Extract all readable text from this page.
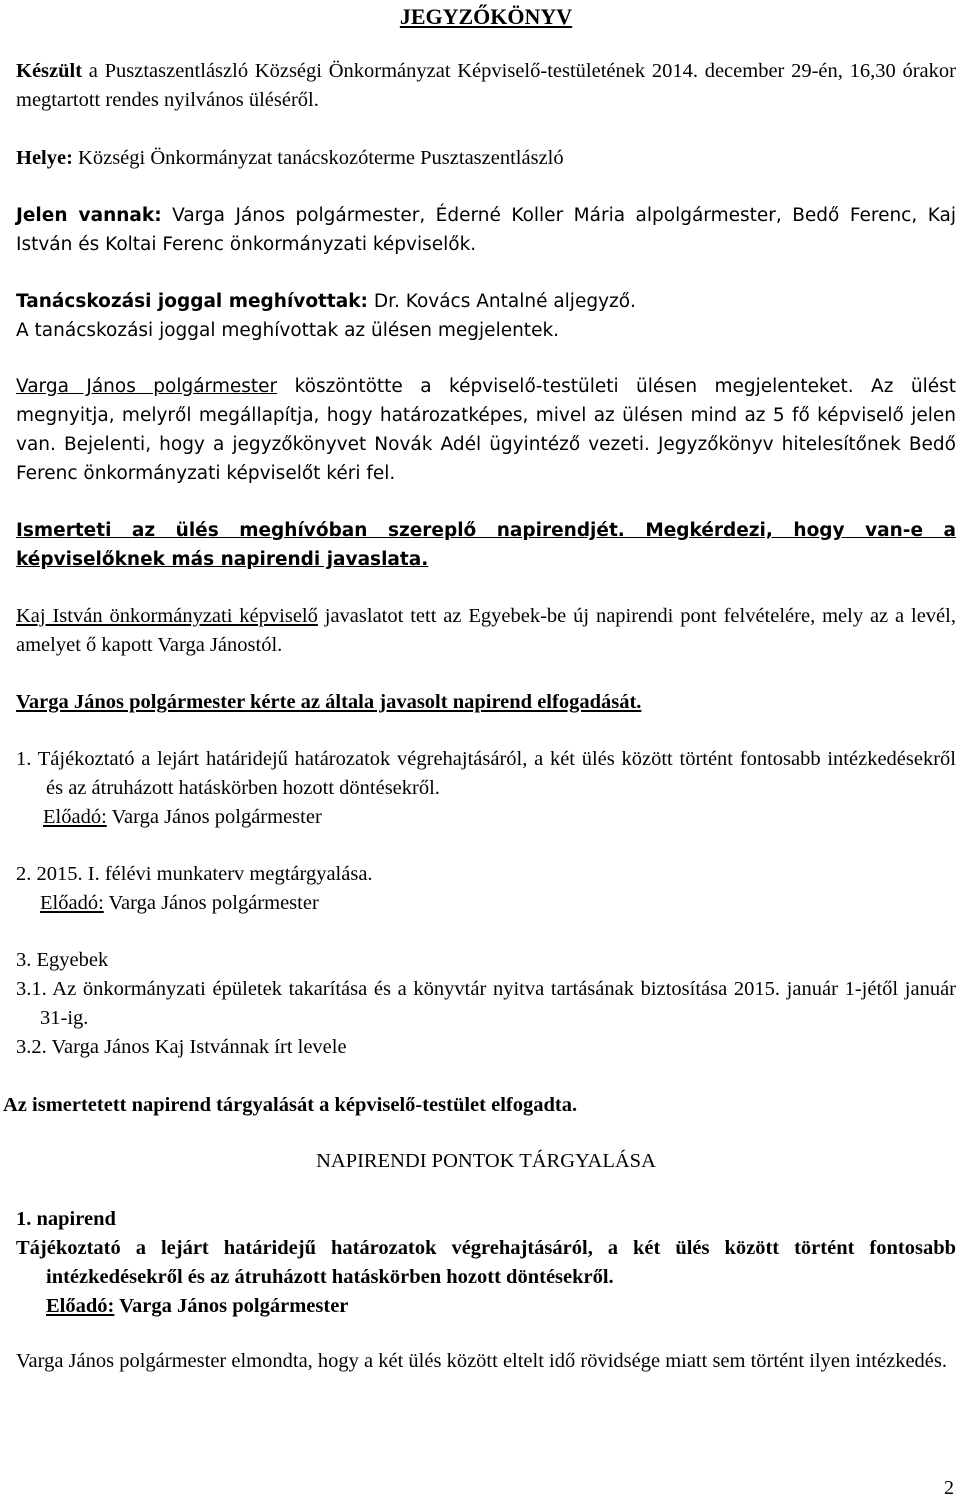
JEGYZŐKÖNYV
Készült a Pusztaszentlászló Községi Önkormányzat Képviselő-testületének 2014. december 29-én, 16,30 órakor megtartott rendes nyilvános üléséről.
Helye: Községi Önkormányzat tanácskozóterme Pusztaszentlászló
Jelen vannak: Varga János polgármester, Éderné Koller Mária alpolgármester, Bedő Ferenc, Kaj István és Koltai Ferenc önkormányzati képviselők.
Tanácskozási joggal meghívottak: Dr. Kovács Antalné aljegyző.
A tanácskozási joggal meghívottak az ülésen megjelentek.
Varga János polgármester köszöntötte a képviselő-testületi ülésen megjelenteket. Az ülést megnyitja, melyről megállapítja, hogy határozatképes, mivel az ülésen mind az 5 fő képviselő jelen van. Bejelenti, hogy a jegyzőkönyvet Novák Adél ügyintéző vezeti. Jegyzőkönyv hitelesítőnek Bedő Ferenc önkormányzati képviselőt kéri fel.
Ismerteti az ülés meghívóban szereplő napirendjét. Megkérdezi, hogy van-e a képviselőknek más napirendi javaslata.
Kaj István önkormányzati képviselő javaslatot tett az Egyebek-be új napirendi pont felvételére, mely az a levél, amelyet ő kapott Varga Jánostól.
Varga János polgármester kérte az általa javasolt napirend elfogadását.

1. Tájékoztató a lejárt határidejű határozatok végrehajtásáról, a két ülés között történt fontosabb intézkedésekről és az átruházott hatáskörben hozott döntésekről.

Előadó: Varga János polgármester

2. 2015. I. félévi munkaterv megtárgyalása.

Előadó: Varga János polgármester

3. Egyebek

3.1. Az önkormányzati épületek takarítása és a könyvtár nyitva tartásának biztosítása 2015. január 1-jétől január 31-ig.

3.2. Varga János Kaj Istvánnak írt levele

Az ismertetett napirend tárgyalását a képviselő-testület elfogadta.
NAPIRENDI PONTOK TÁRGYALÁSA

1. napirend

Tájékoztató a lejárt határidejű határozatok végrehajtásáról, a két ülés között történt fontosabb intézkedésekről és az átruházott hatáskörben hozott döntésekről.

Előadó: Varga János polgármester

Varga János polgármester elmondta, hogy a két ülés között eltelt idő rövidsége miatt sem történt ilyen intézkedés.
2
